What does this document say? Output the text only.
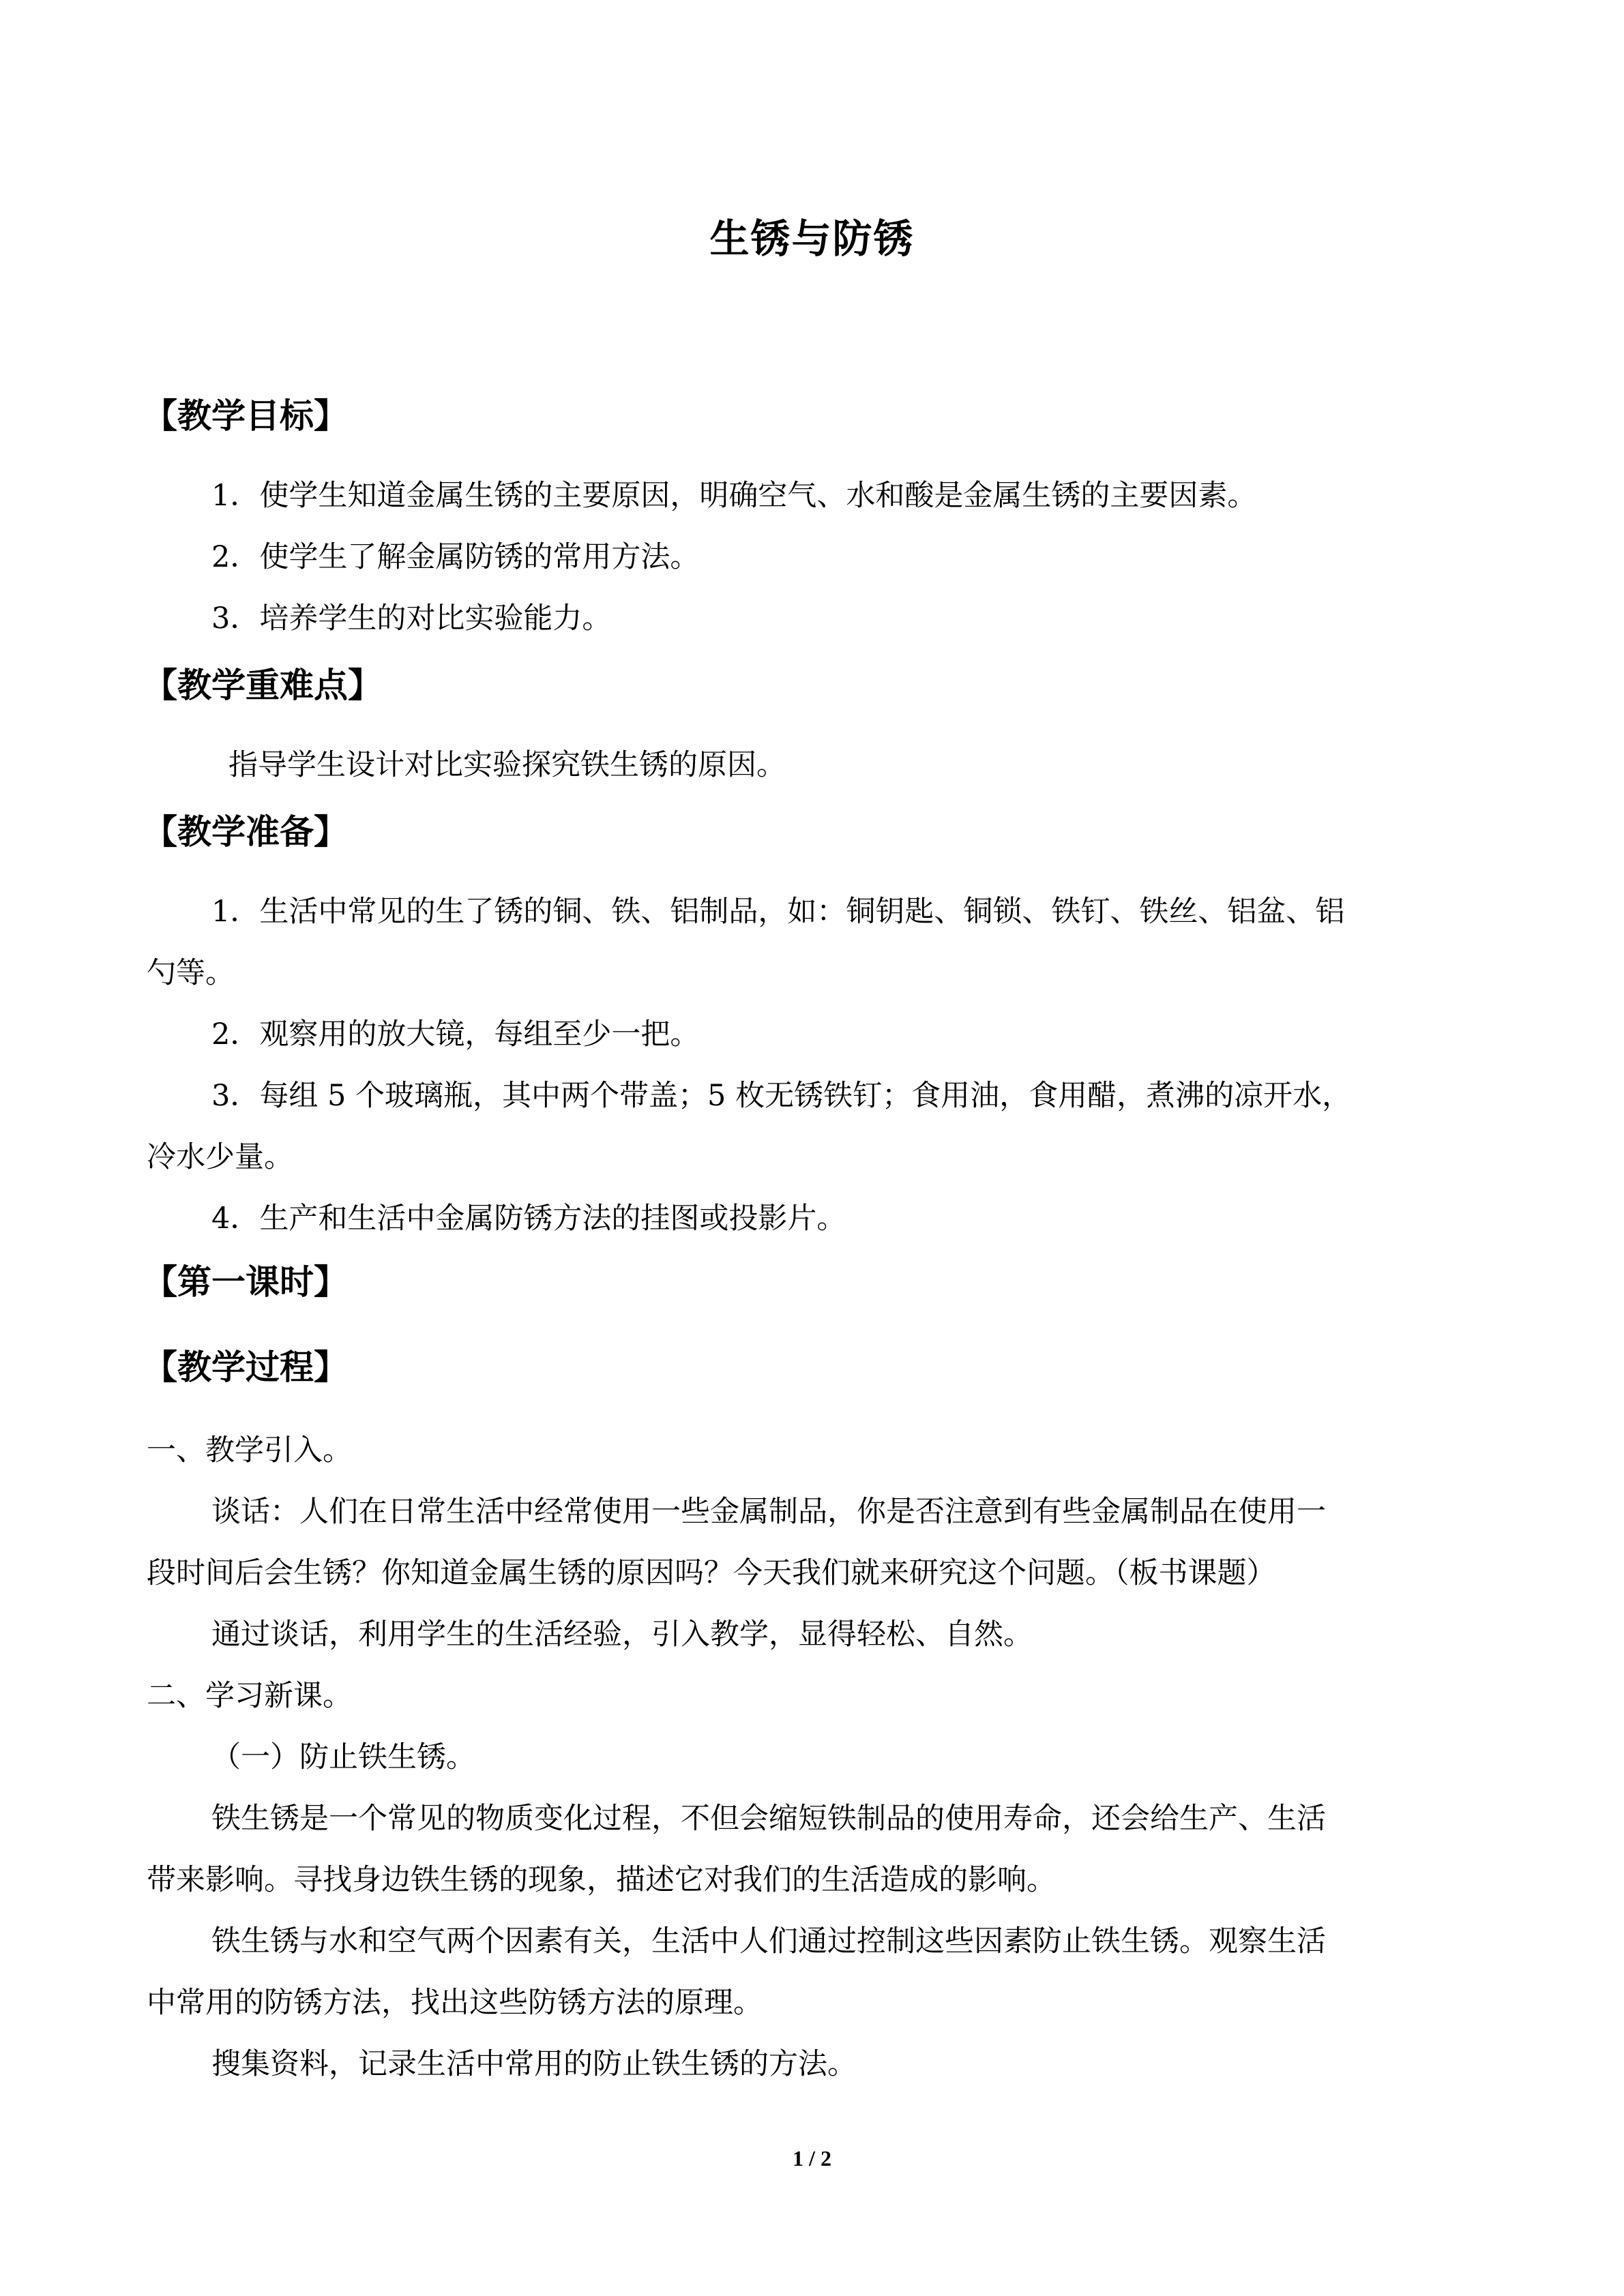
生锈与防锈
【教学目标】
1．使学生知道金属生锈的主要原因，明确空气、水和酸是金属生锈的主要因素。
2．使学生了解金属防锈的常用方法。
3．培养学生的对比实验能力。
【教学重难点】
指导学生设计对比实验探究铁生锈的原因。
【教学准备】
1．生活中常见的生了锈的铜、铁、铝制品，如：铜钥匙、铜锁、铁钉、铁丝、铝盆、铝
勺等。
2．观察用的放大镜，每组至少一把。
3．每组 5 个玻璃瓶，其中两个带盖；5 枚无锈铁钉；食用油，食用醋，煮沸的凉开水，
冷水少量。
4．生产和生活中金属防锈方法的挂图或投影片。
【第一课时】
【教学过程】
一、教学引入。
谈话：人们在日常生活中经常使用一些金属制品，你是否注意到有些金属制品在使用一
段时间后会生锈？你知道金属生锈的原因吗？今天我们就来研究这个问题。（板书课题）
通过谈话，利用学生的生活经验，引入教学，显得轻松、自然。
二、学习新课。
（一）防止铁生锈。
铁生锈是一个常见的物质变化过程，不但会缩短铁制品的使用寿命，还会给生产、生活
带来影响。寻找身边铁生锈的现象，描述它对我们的生活造成的影响。
铁生锈与水和空气两个因素有关，生活中人们通过控制这些因素防止铁生锈。观察生活
中常用的防锈方法，找出这些防锈方法的原理。
搜集资料，记录生活中常用的防止铁生锈的方法。
1 / 2
